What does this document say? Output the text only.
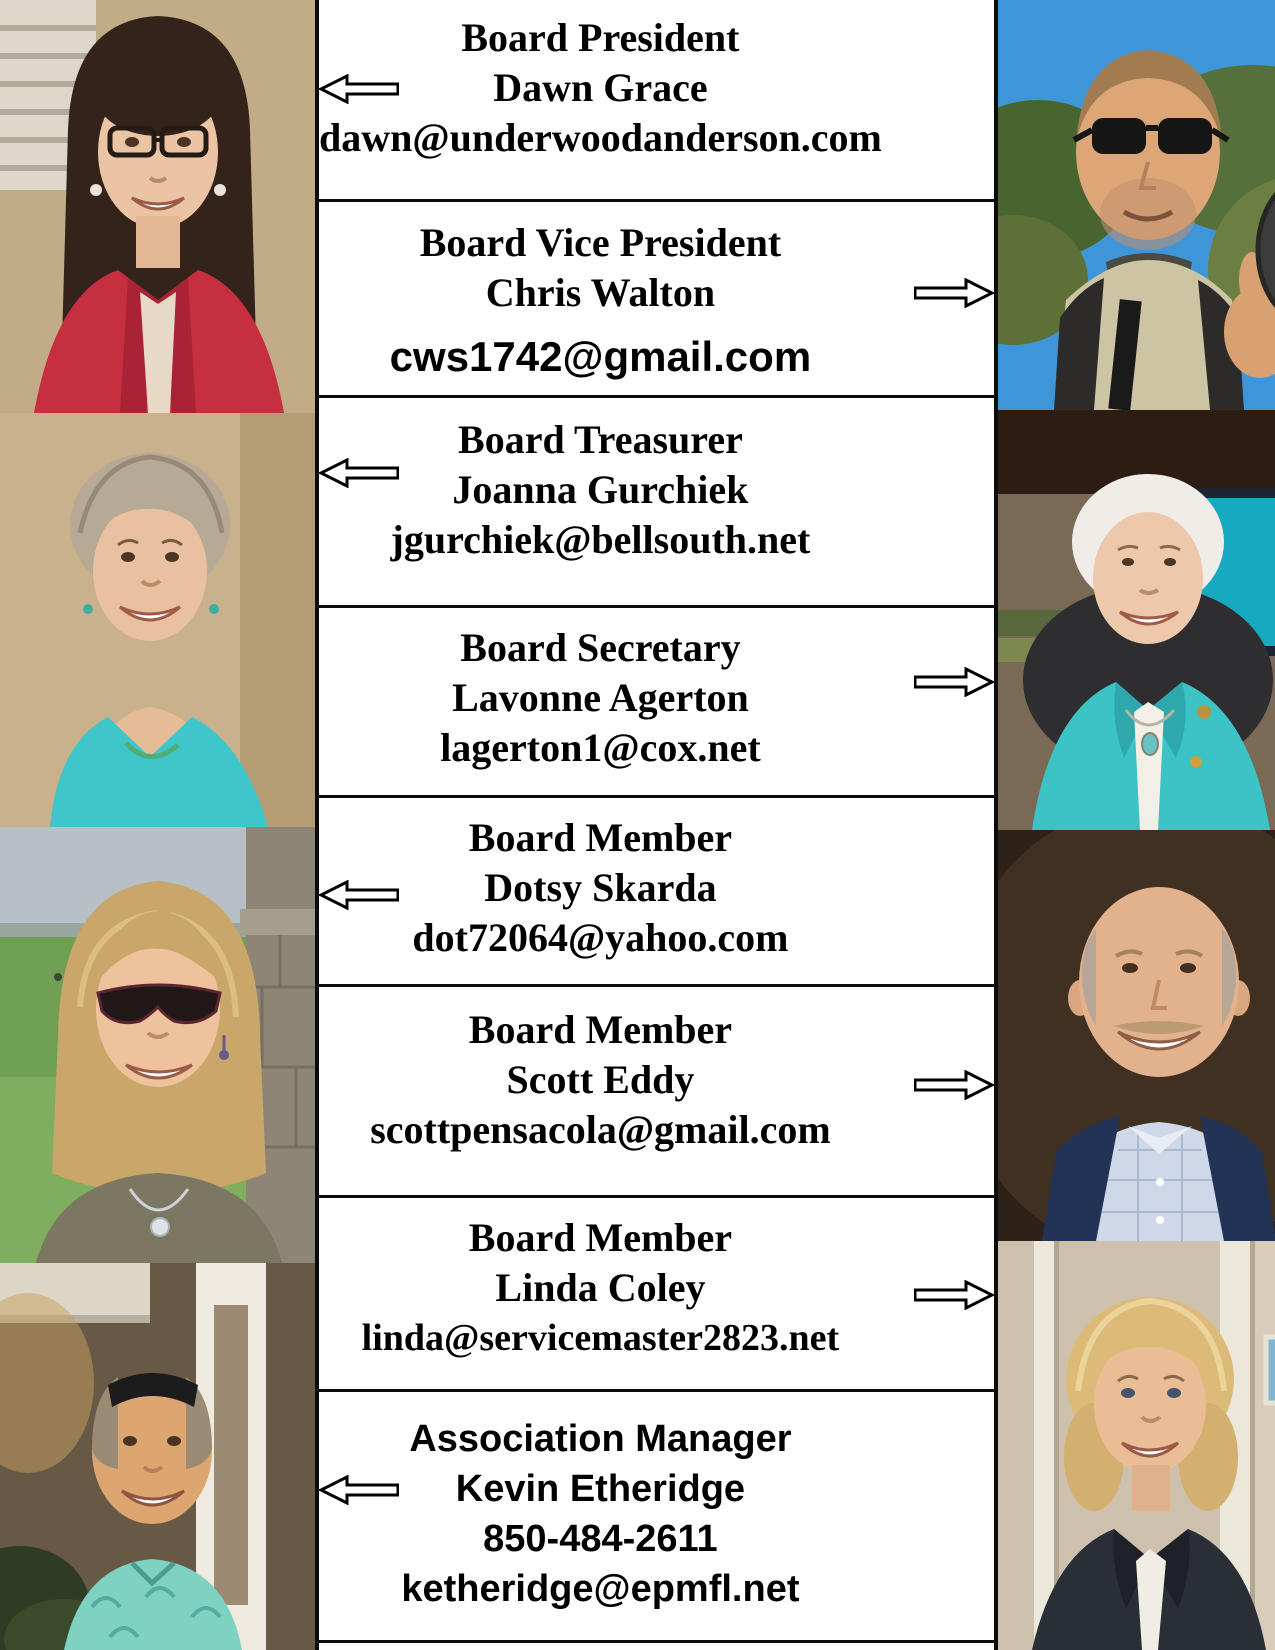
Board President
Dawn Grace
dawn@underwoodanderson.com
Board Vice President
Chris Walton
cws1742@gmail.com
Board Treasurer
Joanna Gurchiek
jgurchiek@bellsouth.net
Board Secretary
Lavonne Agerton
lagerton1@cox.net
Board Member
Dotsy Skarda
dot72064@yahoo.com
Board Member
Scott Eddy
scottpensacola@gmail.com
Board Member
Linda Coley
linda@servicemaster2823.net
Association Manager
Kevin Etheridge
850-484-2611
ketheridge@epmfl.net
